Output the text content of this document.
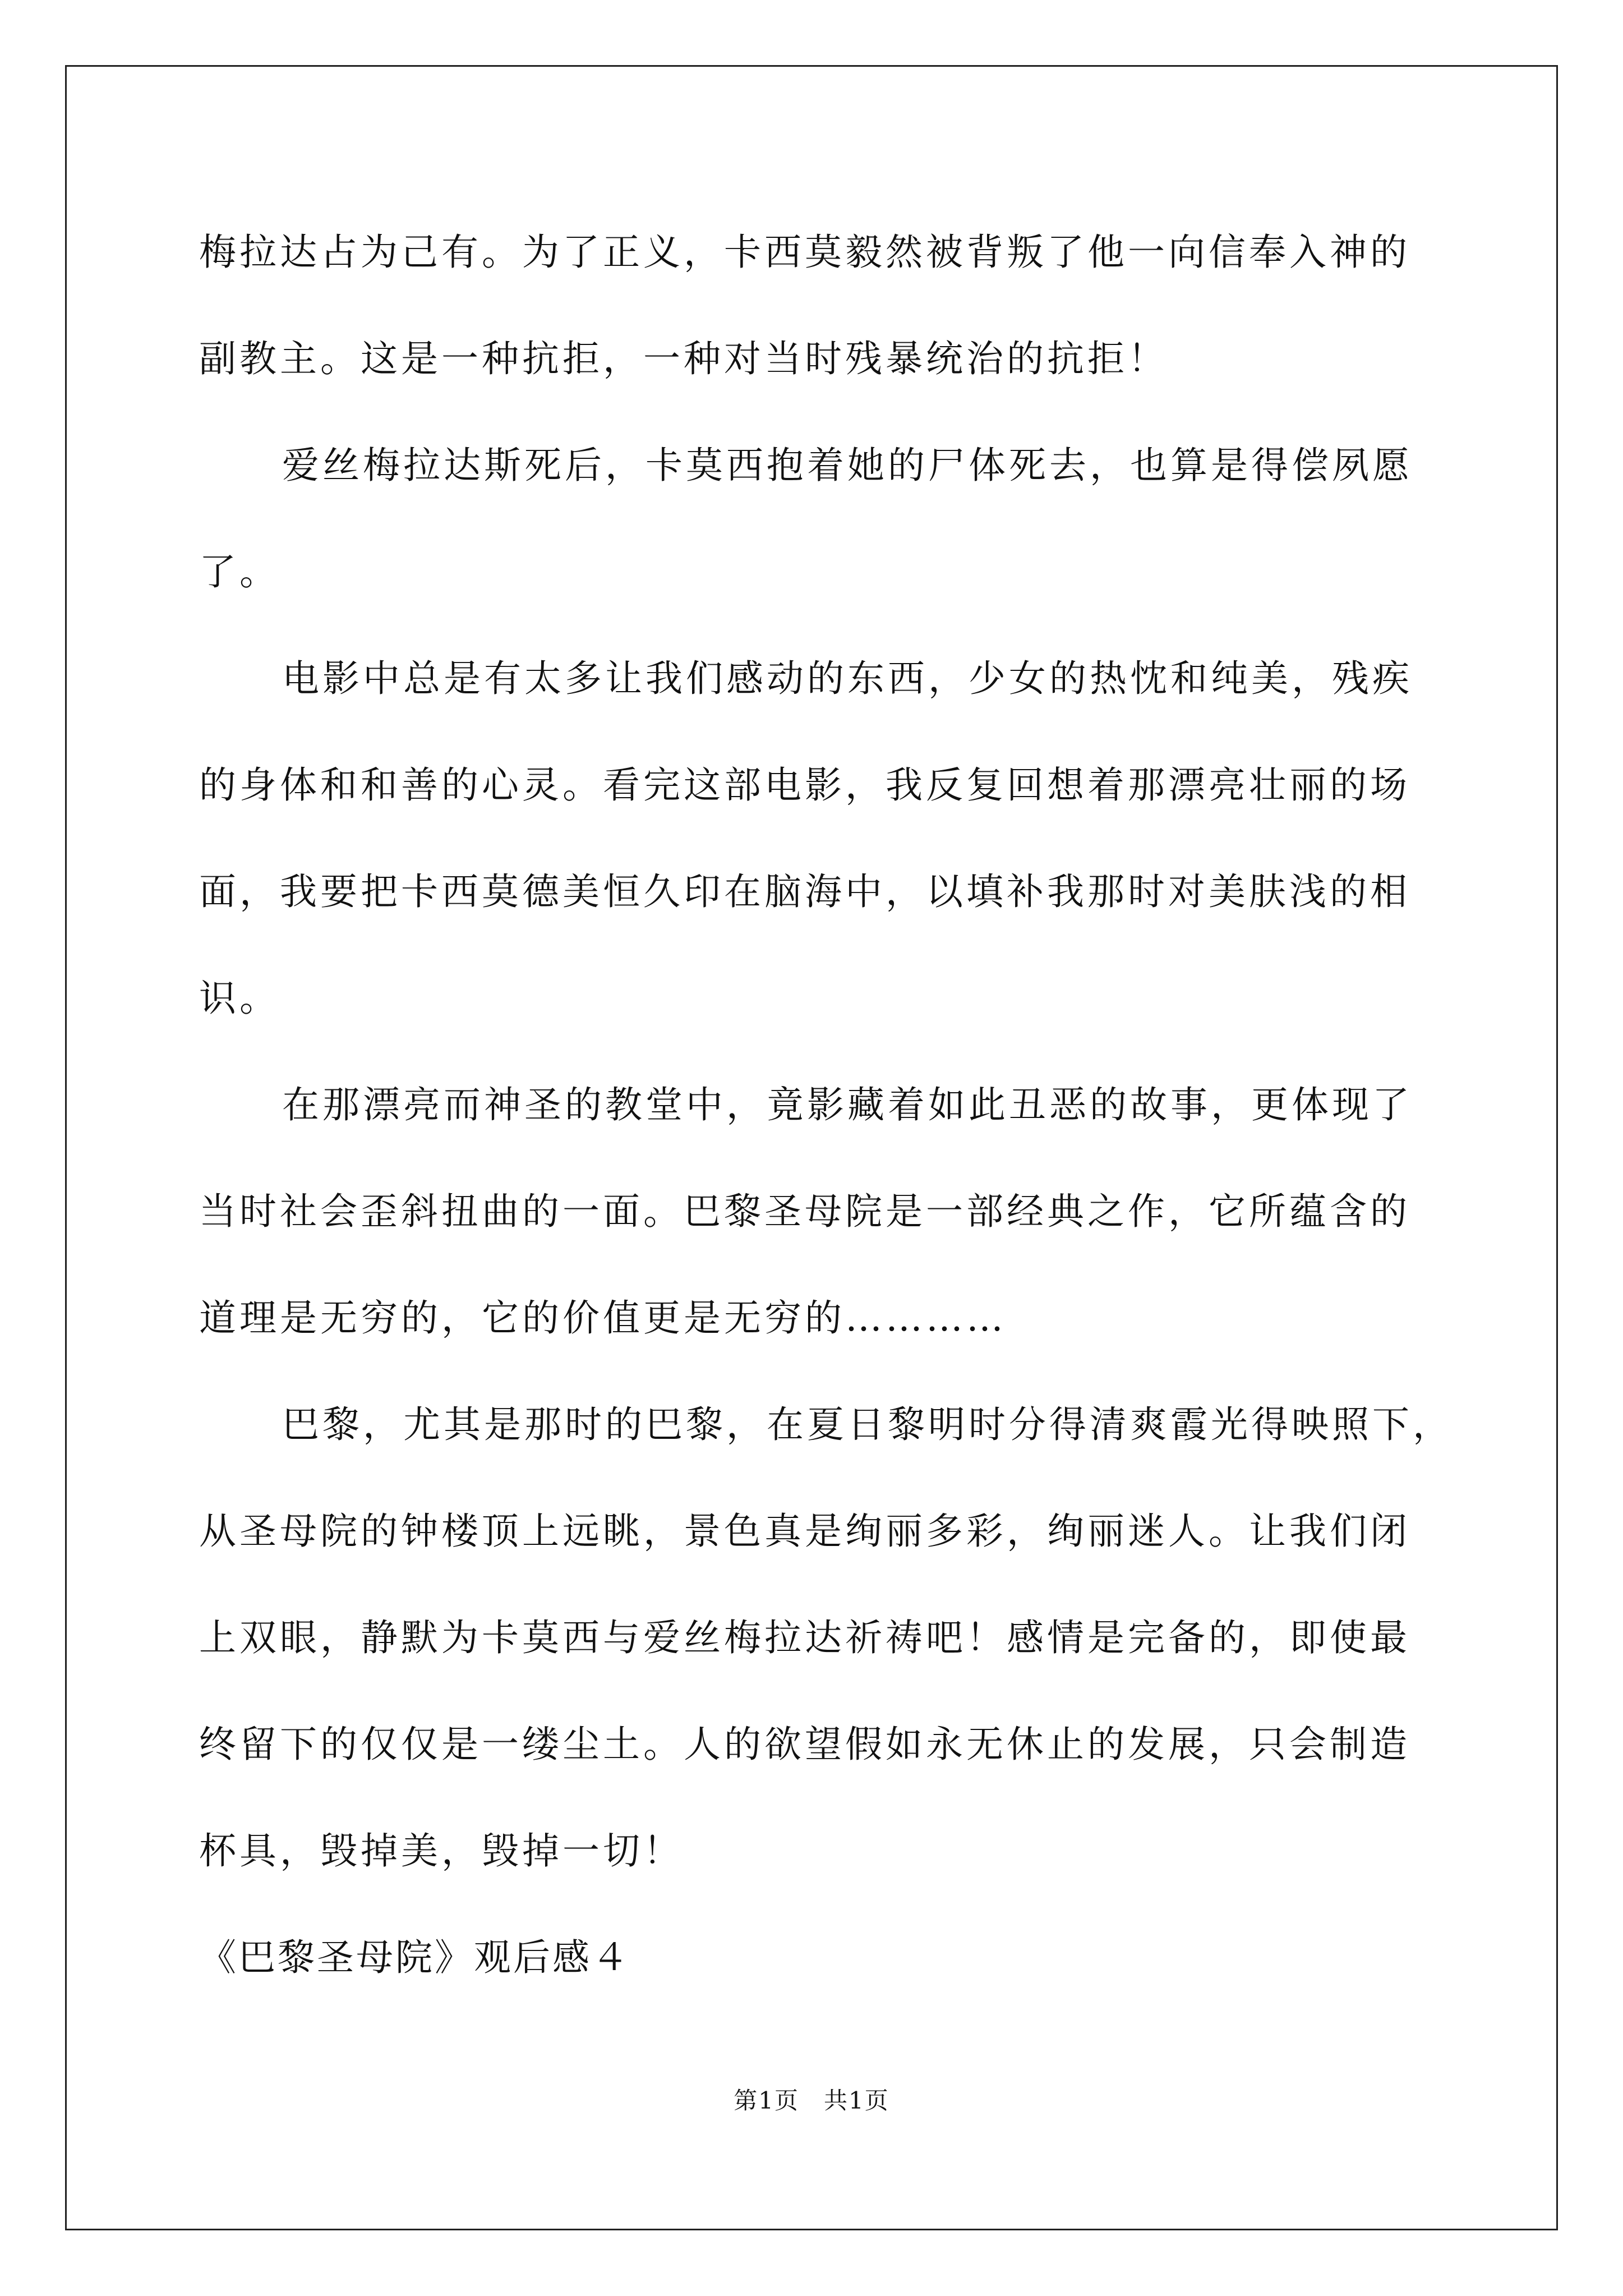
梅拉达占为己有。为了正义，卡西莫毅然被背叛了他一向信奉入神的
副教主。这是一种抗拒，一种对当时残暴统治的抗拒！
爱丝梅拉达斯死后，卡莫西抱着她的尸体死去，也算是得偿夙愿
了。
电影中总是有太多让我们感动的东西，少女的热忱和纯美，残疾
的身体和和善的心灵。看完这部电影，我反复回想着那漂亮壮丽的场
面，我要把卡西莫德美恒久印在脑海中，以填补我那时对美肤浅的相
识。
在那漂亮而神圣的教堂中，竟影藏着如此丑恶的故事，更体现了
当时社会歪斜扭曲的一面。巴黎圣母院是一部经典之作，它所蕴含的
道理是无穷的，它的价值更是无穷的…………
巴黎，尤其是那时的巴黎，在夏日黎明时分得清爽霞光得映照下，
从圣母院的钟楼顶上远眺，景色真是绚丽多彩，绚丽迷人。让我们闭
上双眼，静默为卡莫西与爱丝梅拉达祈祷吧！感情是完备的，即使最
终留下的仅仅是一缕尘土。人的欲望假如永无休止的发展，只会制造
杯具，毁掉美，毁掉一切！
《巴黎圣母院》观后感４
第1页　共1页
